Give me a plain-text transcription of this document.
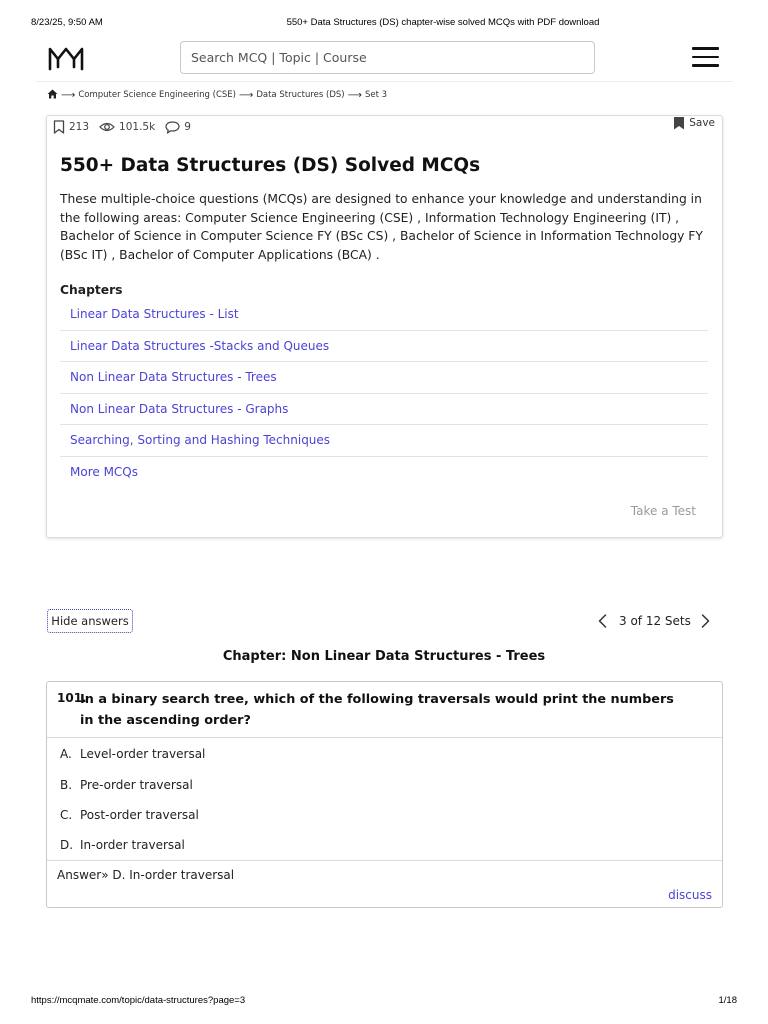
8/23/25, 9:50 AM	550+ Data Structures (DS) chapter-wise solved MCQs with PDF download
Search MCQ | Topic | Course
⟶ Computer Science Engineering (CSE) ⟶ Data Structures (DS) ⟶ Set 3
213	101.5k	9	Save
550+ Data Structures (DS) Solved MCQs

These multiple-choice questions (MCQs) are designed to enhance your knowledge and understanding in the following areas: Computer Science Engineering (CSE) , Information Technology Engineering (IT) , Bachelor of Science in Computer Science FY (BSc CS) , Bachelor of Science in Information Technology FY (BSc IT) , Bachelor of Computer Applications (BCA) .

Chapters
Linear Data Structures - List
Linear Data Structures -Stacks and Queues
Non Linear Data Structures - Trees
Non Linear Data Structures - Graphs
Searching, Sorting and Hashing Techniques
More MCQs
Take a Test
Hide answers	3 of 12 Sets
Chapter: Non Linear Data Structures - Trees
101.
In a binary search tree, which of the following traversals would print the numbers in the ascending order?
A. Level-order traversal
B. Pre-order traversal
C. Post-order traversal
D. In-order traversal
Answer» D. In-order traversal
discuss
https://mcqmate.com/topic/data-structures?page=3	1/18
